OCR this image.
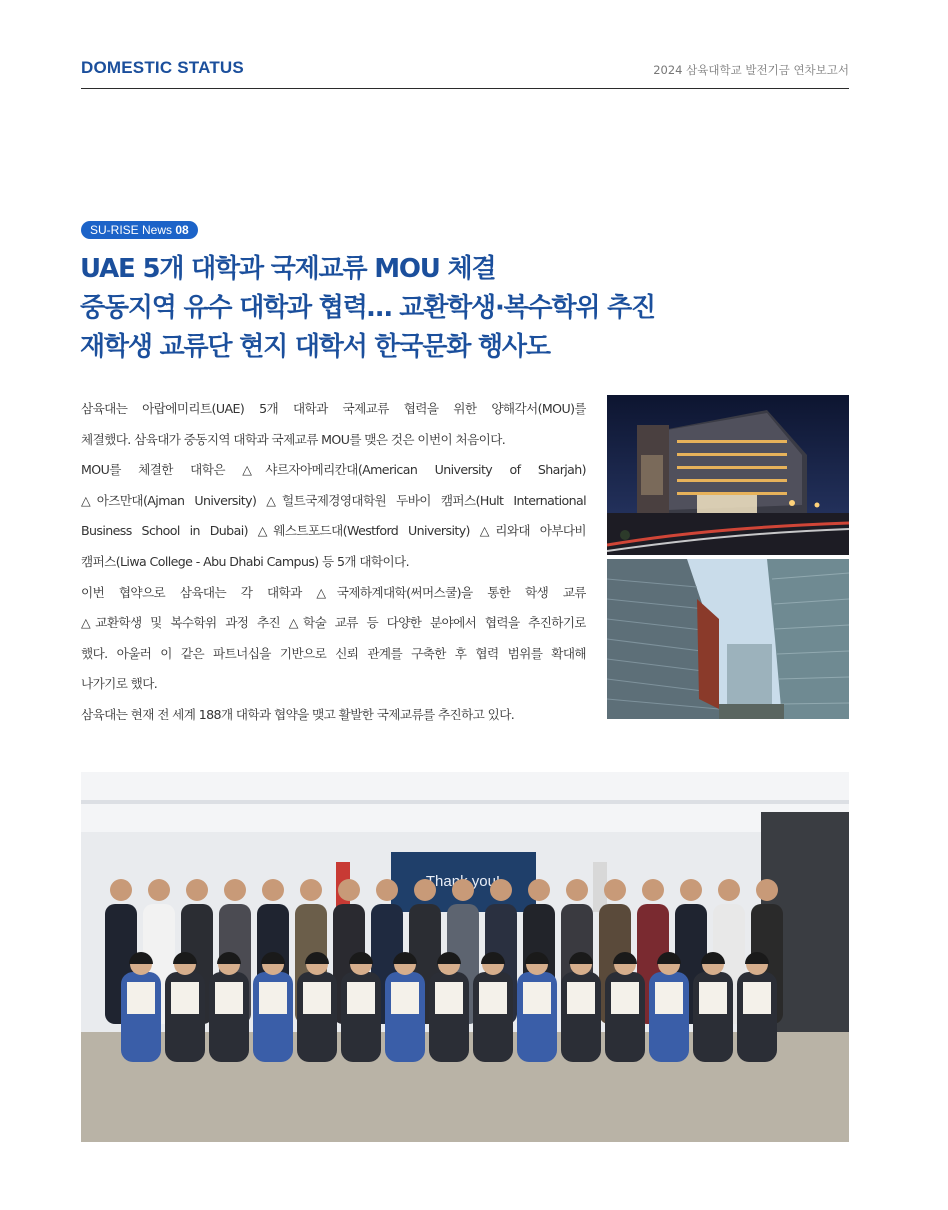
DOMESTIC STATUS	2024 삼육대학교 발전기금 연차보고서
SU-RISE News 08
UAE 5개 대학과 국제교류 MOU 체결
중동지역 유수 대학과 협력… 교환학생·복수학위 추진
재학생 교류단 현지 대학서 한국문화 행사도
삼육대는 아랍에미리트(UAE) 5개 대학과 국제교류 협력을 위한 양해각서(MOU)를
체결했다. 삼육대가 중동지역 대학과 국제교류 MOU를 맺은 것은 이번이 처음이다.
MOU를 체결한 대학은 △샤르자아메리칸대(American University of Sharjah)
△아즈만대(Ajman University) △헐트국제경영대학원 두바이 캠퍼스(Hult International
Business School in Dubai) △웨스트포드대(Westford University) △리와대 아부다비
캠퍼스(Liwa College - Abu Dhabi Campus) 등 5개 대학이다.
이번 협약으로 삼육대는 각 대학과 △국제하계대학(써머스쿨)을 통한 학생 교류
△교환학생 및 복수학위 과정 추진 △학술 교류 등 다양한 분야에서 협력을 추진하기로
했다. 아울러 이 같은 파트너십을 기반으로 신뢰 관계를 구축한 후 협력 범위를 확대해
나가기로 했다.
삼육대는 현재 전 세계 188개 대학과 협약을 맺고 활발한 국제교류를 추진하고 있다.
Thank you!
